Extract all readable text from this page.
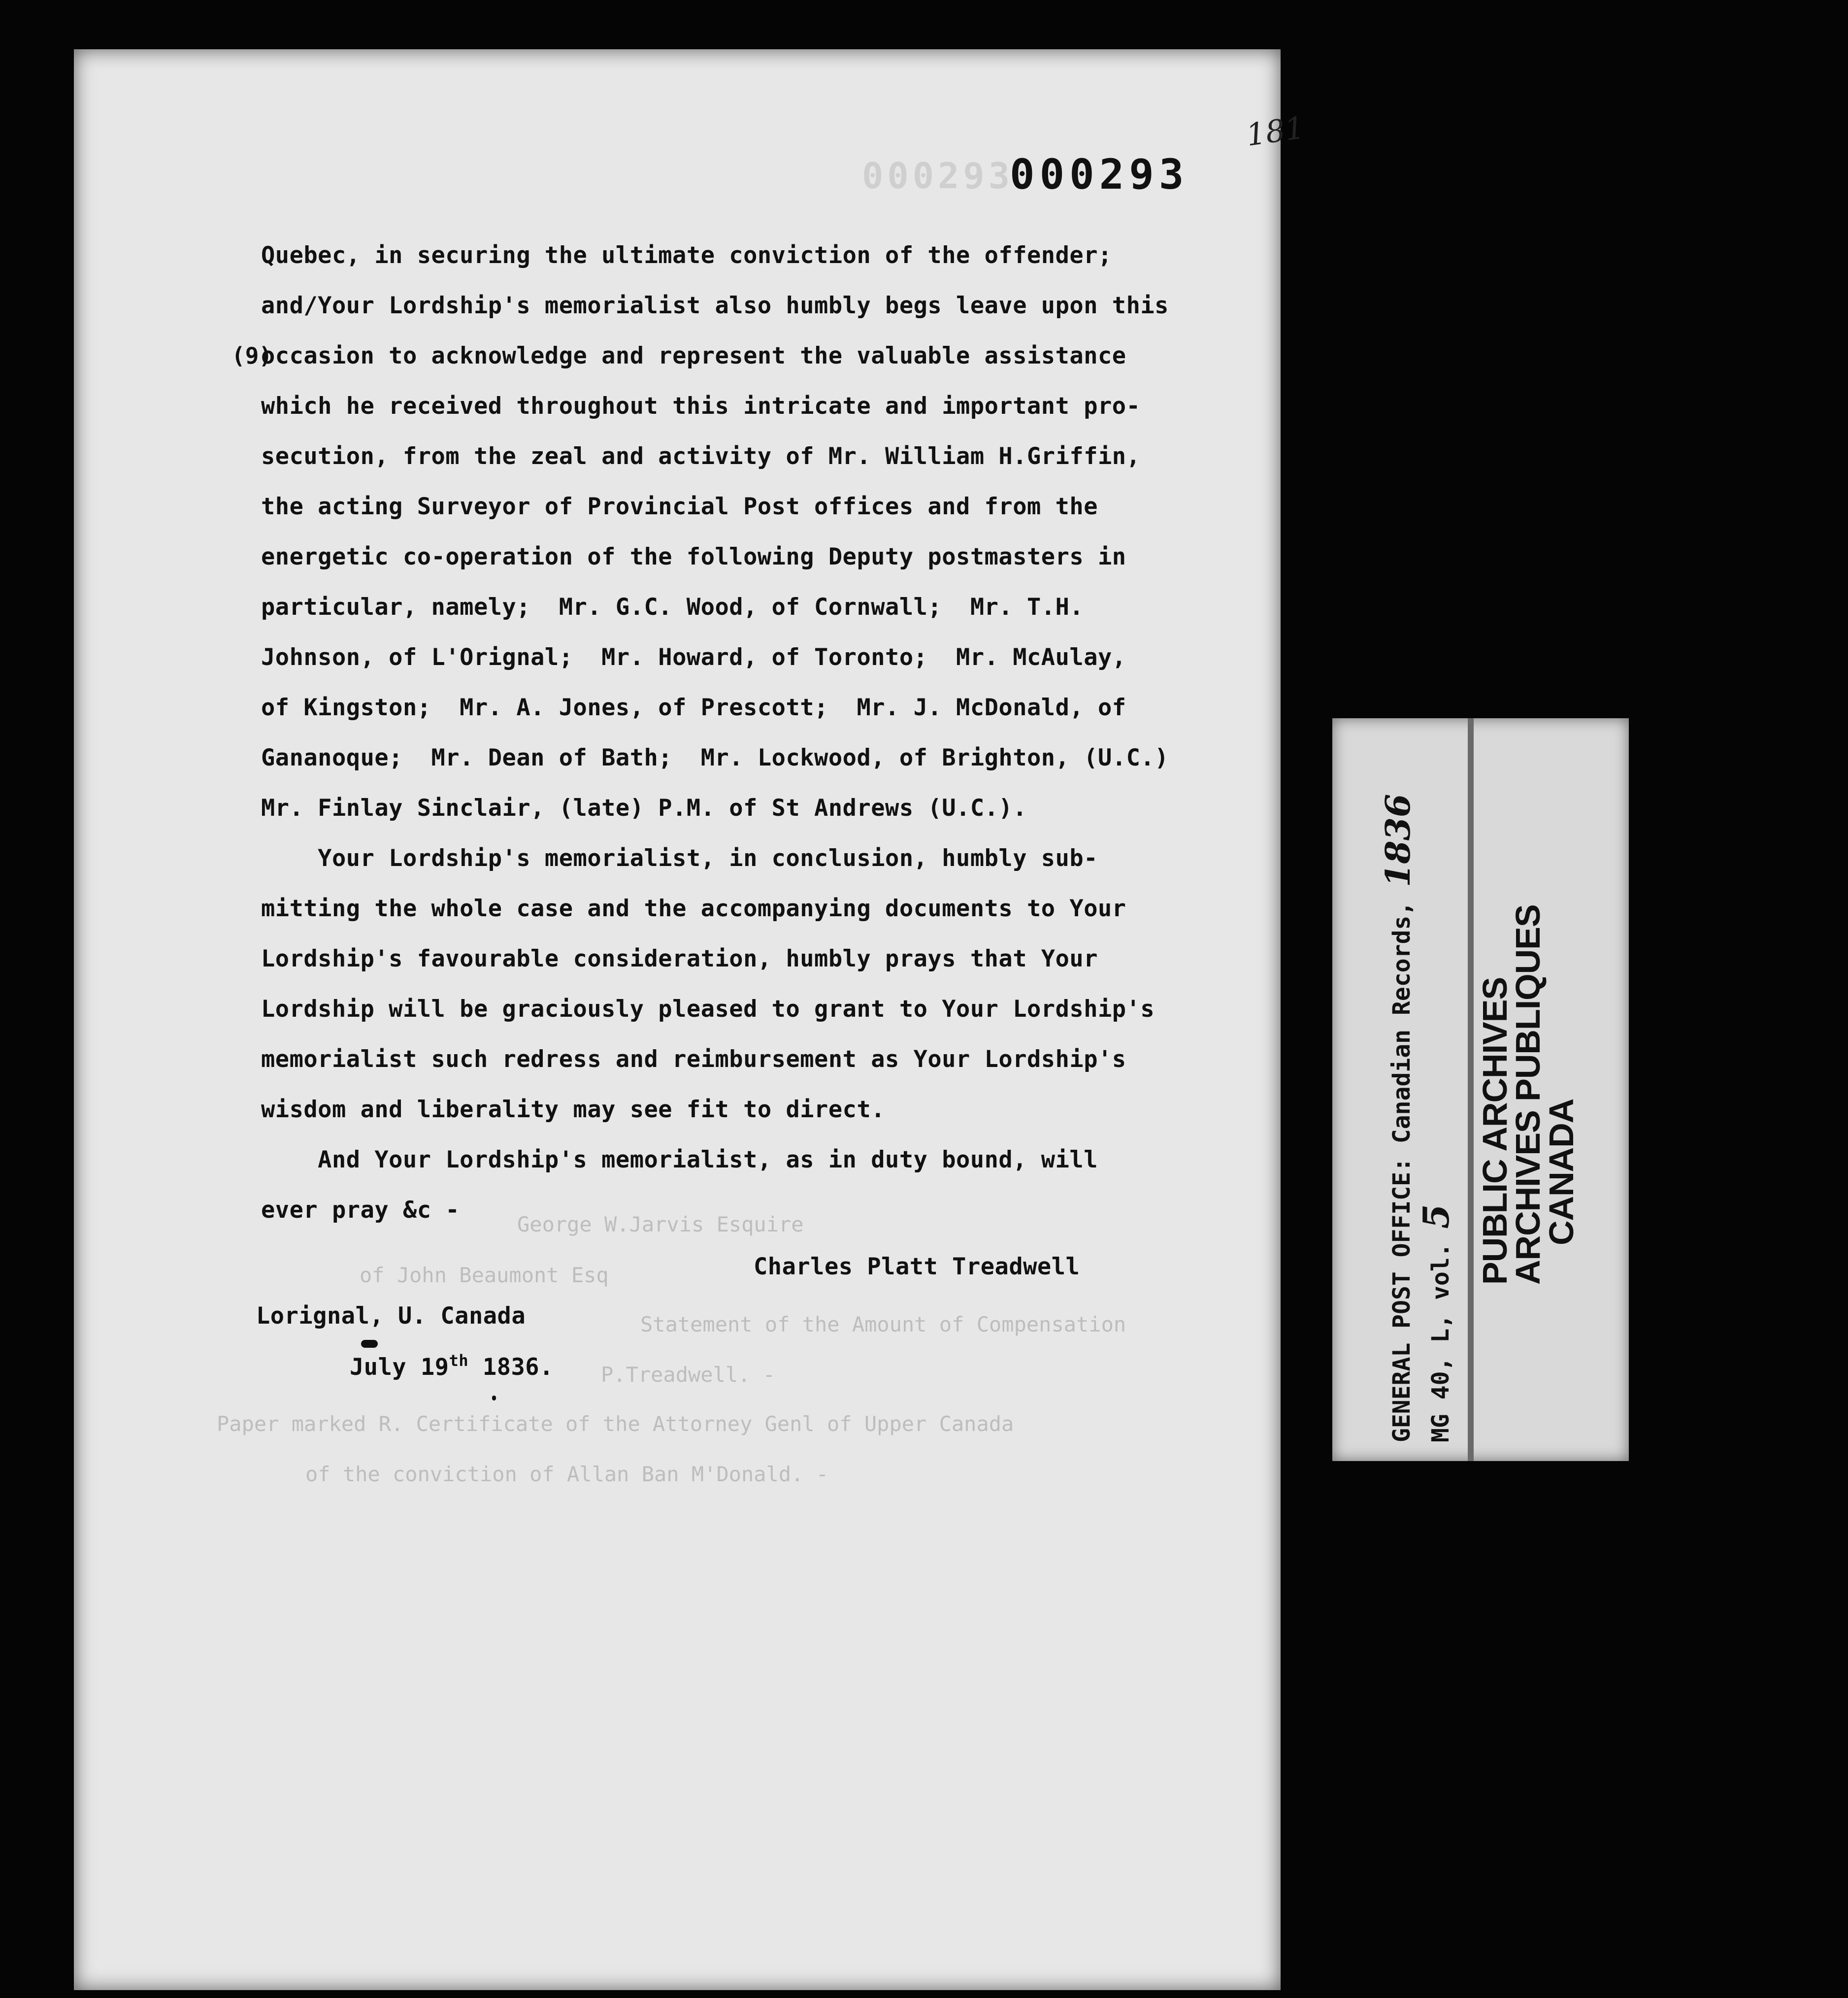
000293
000293
181
(9)
George W.Jarvis Esquire
of John Beaumont Esq
Statement of the Amount of Compensation
P.Treadwell. -
Paper marked R. Certificate of the Attorney Genl of Upper Canada
of the conviction of Allan Ban M'Donald. -
Quebec, in securing the ultimate conviction of the offender;
and/Your Lordship's memorialist also humbly begs leave upon this
occasion to acknowledge and represent the valuable assistance
which he received throughout this intricate and important pro-
secution, from the zeal and activity of Mr. William H.Griffin,
the acting Surveyor of Provincial Post offices and from the
energetic co-operation of the following Deputy postmasters in
particular, namely;  Mr. G.C. Wood, of Cornwall;  Mr. T.H.
Johnson, of L'Orignal;  Mr. Howard, of Toronto;  Mr. McAulay,
of Kingston;  Mr. A. Jones, of Prescott;  Mr. J. McDonald, of
Gananoque;  Mr. Dean of Bath;  Mr. Lockwood, of Brighton, (U.C.)
Mr. Finlay Sinclair, (late) P.M. of St Andrews (U.C.).
Your Lordship's memorialist, in conclusion, humbly sub-
mitting the whole case and the accompanying documents to Your
Lordship's favourable consideration, humbly prays that Your
Lordship will be graciously pleased to grant to Your Lordship's
memorialist such redress and reimbursement as Your Lordship's
wisdom and liberality may see fit to direct.
And Your Lordship's memorialist, as in duty bound, will
ever pray &c -
Charles Platt Treadwell
Lorignal, U. Canada
July 19th 1836.	GENERAL POST OFFICE: Canadian Records, 1836
MG 40, L, vol. 5 PUBLIC ARCHIVES
ARCHIVES PUBLIQUES
CANADA
